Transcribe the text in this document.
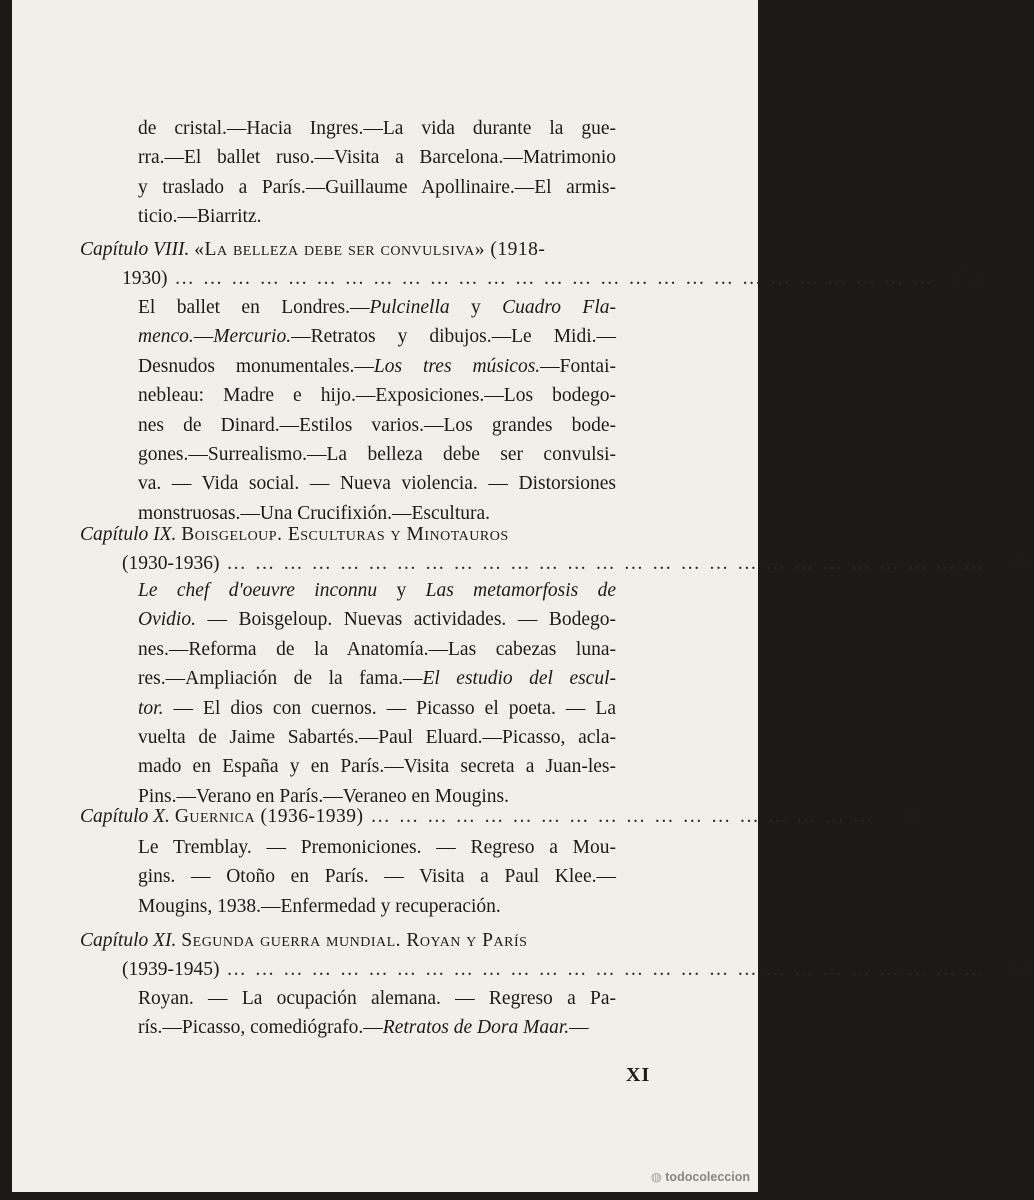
de cristal.—Hacia Ingres.—La vida durante la gue-
rra.—El ballet ruso.—Visita a Barcelona.—Matrimonio
y traslado a París.—Guillaume Apollinaire.—El armis-
ticio.—Biarritz.
Capítulo VIII. «La belleza debe ser convulsiva» (1918-
1930) … … … … … … … … … … … … … … … … … … … … … … … … … … … 272
El ballet en Londres.—Pulcinella y Cuadro Fla-
menco.—Mercurio.—Retratos y dibujos.—Le Midi.—
Desnudos monumentales.—Los tres músicos.—Fontai-
nebleau: Madre e hijo.—Exposiciones.—Los bodego-
nes de Dinard.—Estilos varios.—Los grandes bode-
gones.—Surrealismo.—La belleza debe ser convulsi-
va. — Vida social. — Nueva violencia. — Distorsiones
monstruosas.—Una Crucifixión.—Escultura.
Capítulo IX. Boisgeloup. Esculturas y Minotauros
(1930-1936) … … … … … … … … … … … … … … … … … … … … … … … … … … … 310
Le chef d'oeuvre inconnu y Las metamorfosis de
Ovidio. — Boisgeloup. Nuevas actividades. — Bodego-
nes.—Reforma de la Anatomía.—Las cabezas luna-
res.—Ampliación de la fama.—El estudio del escul-
tor. — El dios con cuernos. — Picasso el poeta. — La
vuelta de Jaime Sabartés.—Paul Eluard.—Picasso, acla-
mado en España y en París.—Visita secreta a Juan-les-
Pins.—Verano en París.—Veraneo en Mougins.
Capítulo X. Guernica (1936-1939) … … … … … … … … … … … … … … … … … … 344
Le Tremblay. — Premoniciones. — Regreso a Mou-
gins. — Otoño en París. — Visita a Paul Klee.—
Mougins, 1938.—Enfermedad y recuperación.
Capítulo XI. Segunda guerra mundial. Royan y París
(1939-1945) … … … … … … … … … … … … … … … … … … … … … … … … … … … 362
Royan. — La ocupación alemana. — Regreso a Pa-
rís.—Picasso, comediógrafo.—Retratos de Dora Maar.—
XI
◍ todocoleccion
